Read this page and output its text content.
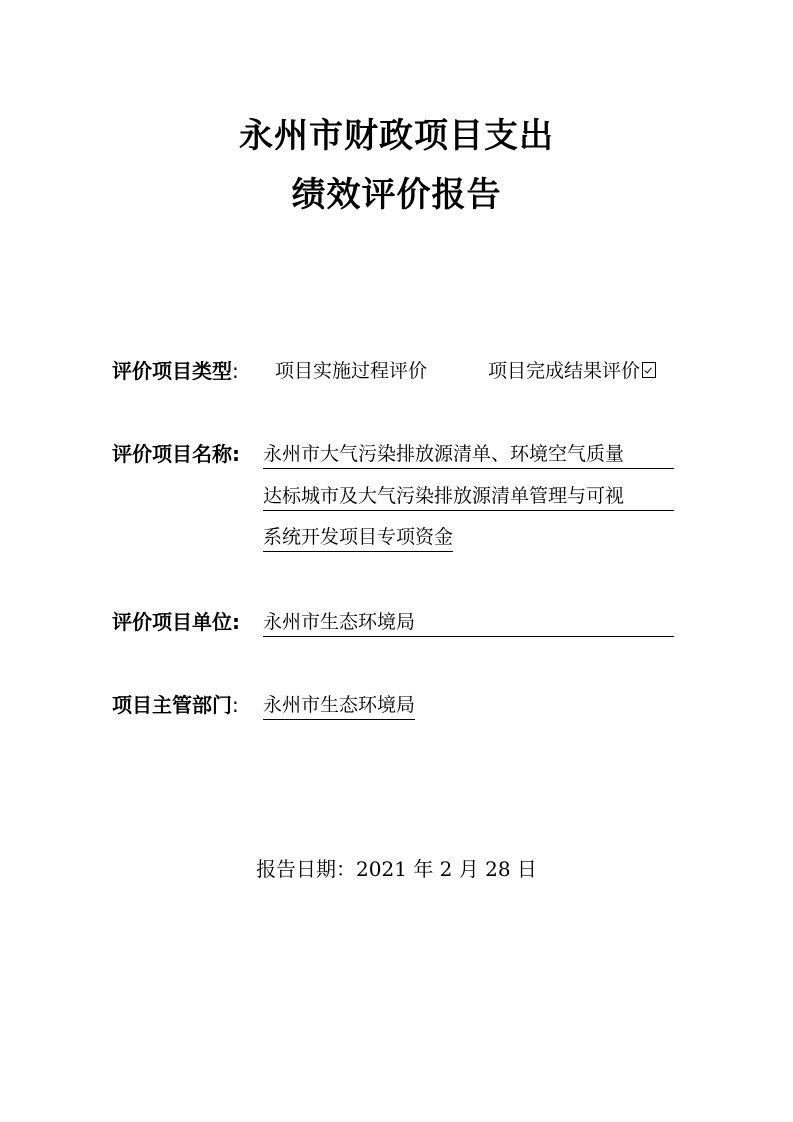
永州市财政项目支出
绩效评价报告
评价项目类型: 项目实施过程评价	项目完成结果评价
评价项目名称: 永州市大气污染排放源清单、环境空气质量
达标城市及大气污染排放源清单管理与可视
系统开发项目专项资金
评价项目单位: 永州市生态环境局
项目主管部门: 永州市生态环境局
报告日期：2021 年 2 月 28 日
